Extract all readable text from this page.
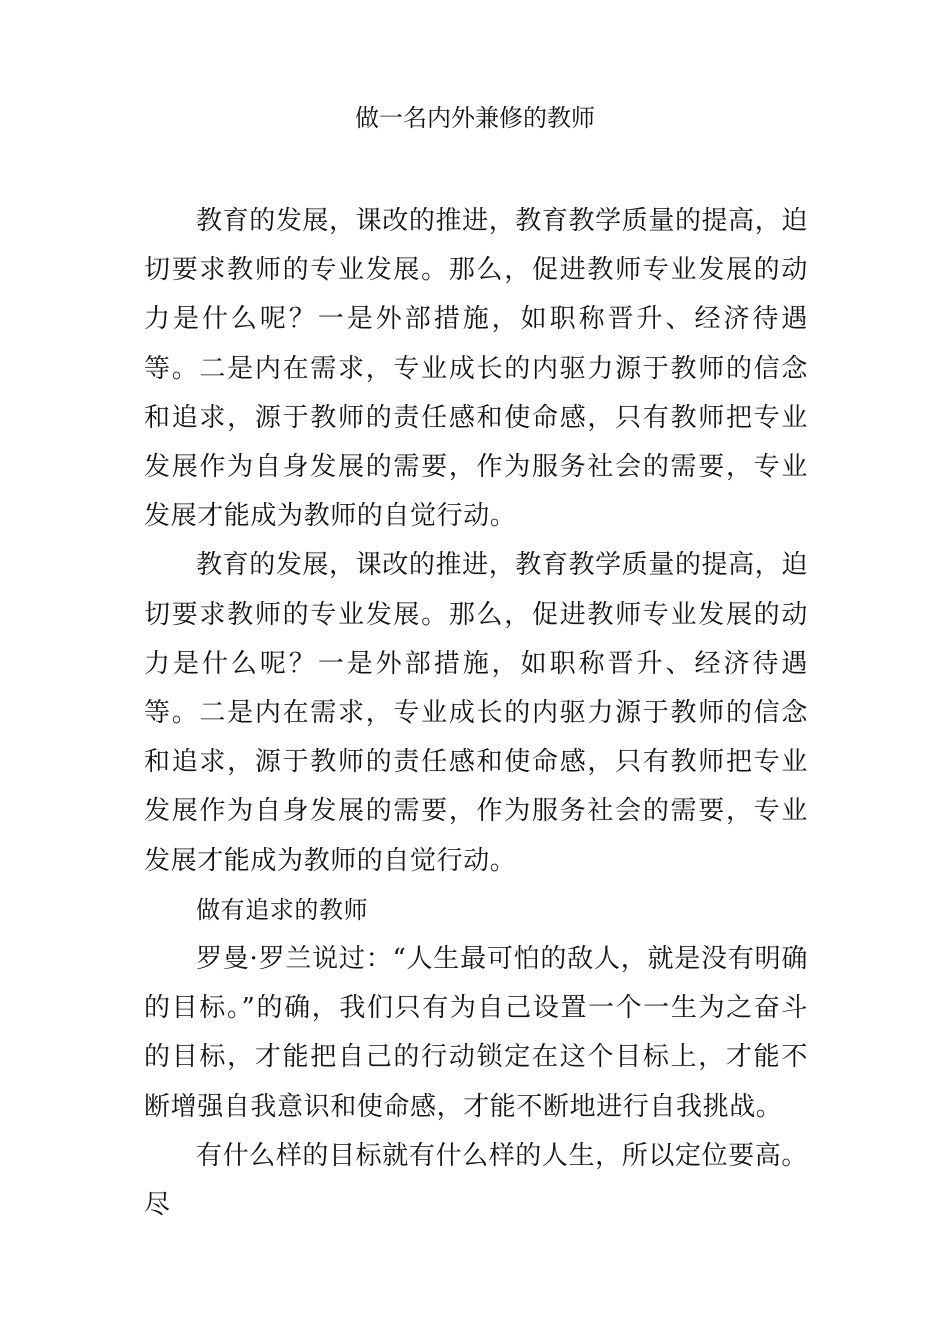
做一名内外兼修的教师

教育的发展，课改的推进，教育教学质量的提高，迫切要求教师的专业发展。那么，促进教师专业发展的动力是什么呢？一是外部措施，如职称晋升、经济待遇等。二是内在需求，专业成长的内驱力源于教师的信念和追求，源于教师的责任感和使命感，只有教师把专业发展作为自身发展的需要，作为服务社会的需要，专业发展才能成为教师的自觉行动。

教育的发展，课改的推进，教育教学质量的提高，迫切要求教师的专业发展。那么，促进教师专业发展的动力是什么呢？一是外部措施，如职称晋升、经济待遇等。二是内在需求，专业成长的内驱力源于教师的信念和追求，源于教师的责任感和使命感，只有教师把专业发展作为自身发展的需要，作为服务社会的需要，专业发展才能成为教师的自觉行动。

做有追求的教师

罗曼·罗兰说过：“人生最可怕的敌人，就是没有明确的目标。”的确，我们只有为自己设置一个一生为之奋斗的目标，才能把自己的行动锁定在这个目标上，才能不断增强自我意识和使命感，才能不断地进行自我挑战。

有什么样的目标就有什么样的人生，所以定位要高。尽
